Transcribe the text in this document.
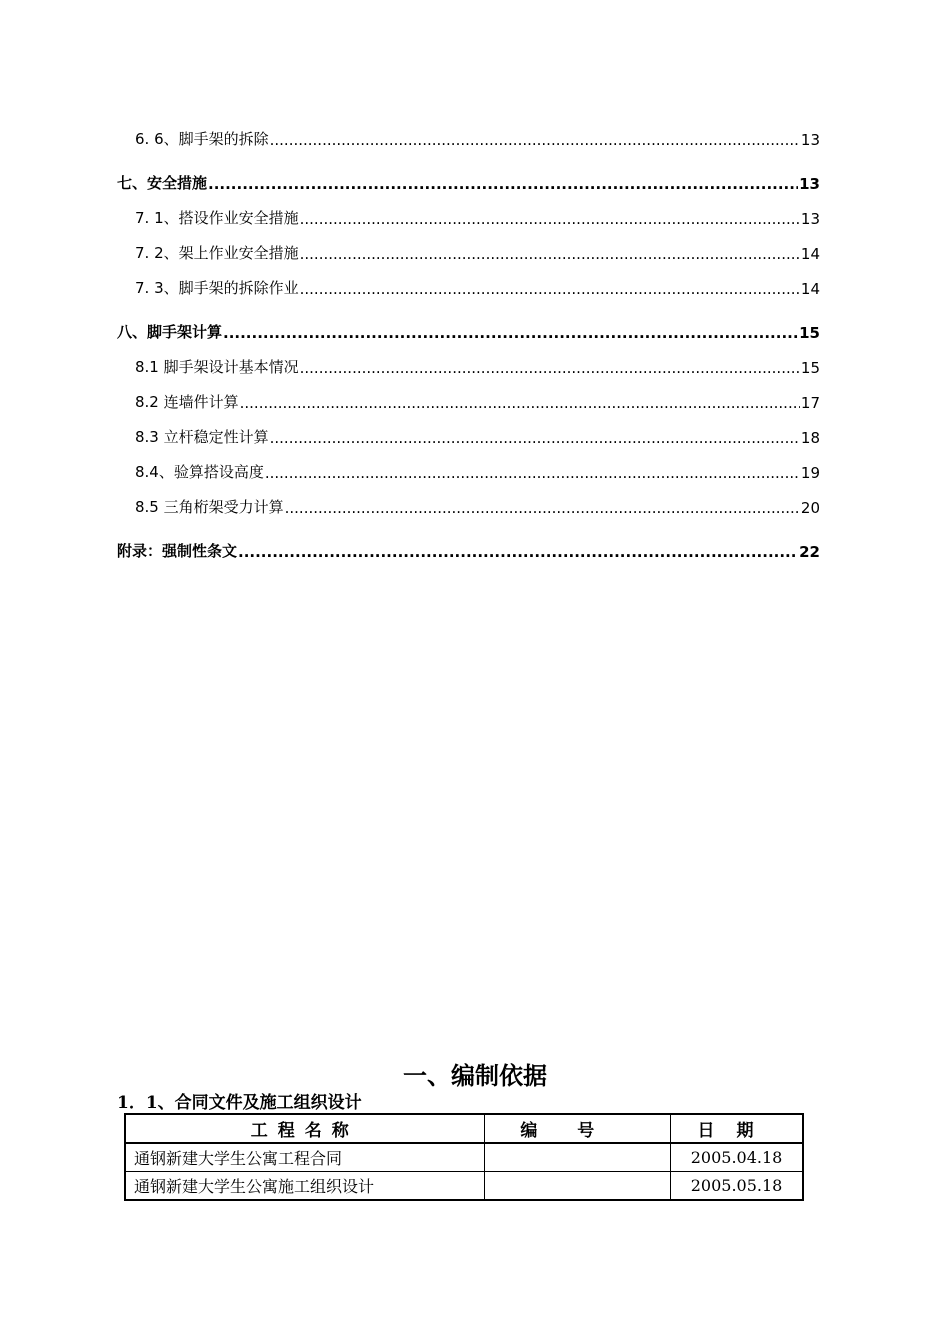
6. 6、脚手架的拆除 .....	13
七、安全措施 .....	13
7. 1、搭设作业安全措施 .....	13
7. 2、架上作业安全措施 .....	14
7. 3、脚手架的拆除作业 .....	14
八、脚手架计算 .....	15
8.1 脚手架设计基本情况 .....	15
8.2 连墙件计算 .....	17
8.3 立杆稳定性计算 .....	18
8.4、验算搭设高度 .....	19
8.5 三角桁架受力计算 .....	20
附录：强制性条文 .....	22
一、编制依据
1．1、合同文件及施工组织设计
工程名称	编号	日期
通钢新建大学生公寓工程合同		2005.04.18
通钢新建大学生公寓施工组织设计		2005.05.18
